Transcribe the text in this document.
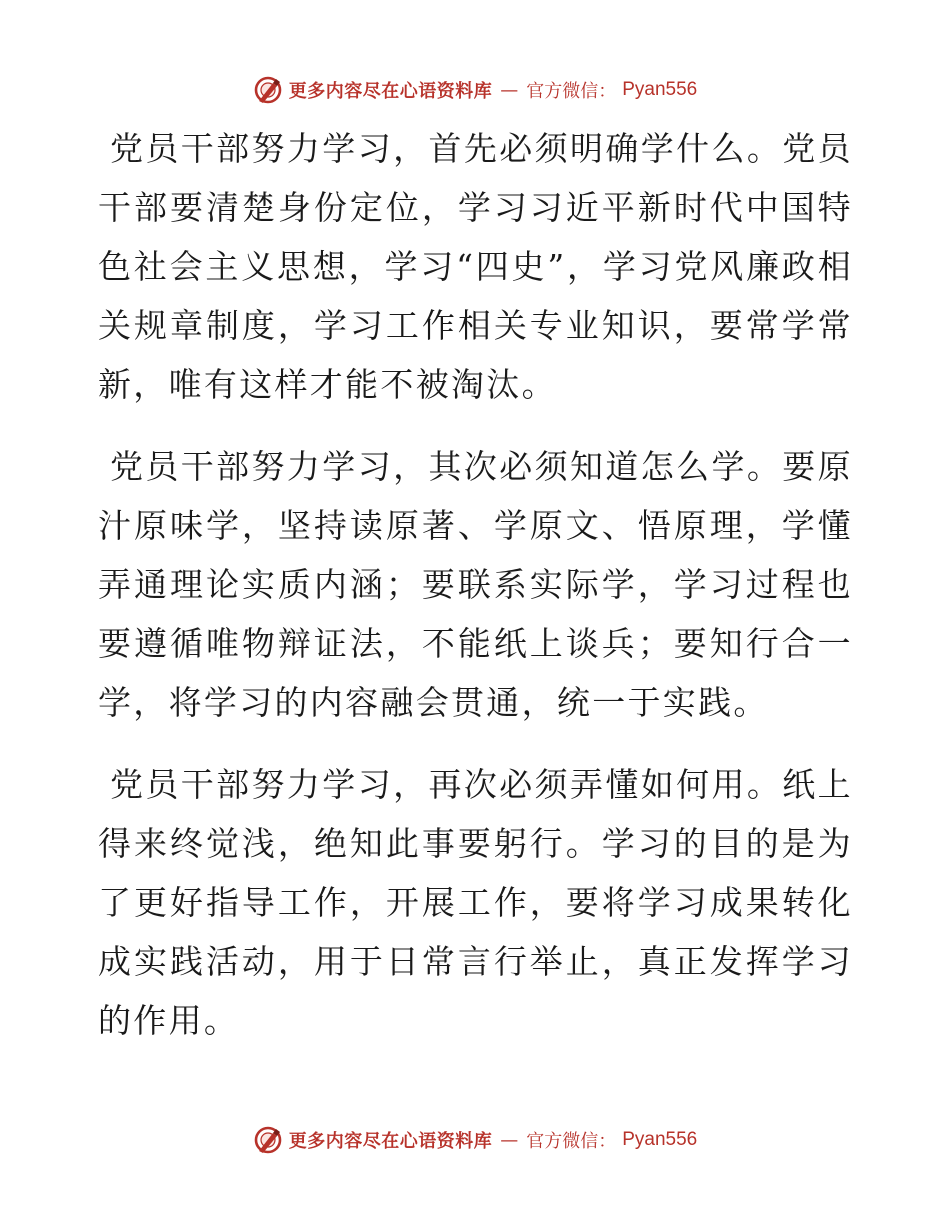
更多内容尽在心语资料库 — 官方微信： Pyan556

党员干部努力学习，首先必须明确学什么。党员干部要清楚身份定位，学习习近平新时代中国特色社会主义思想，学习“四史”，学习党风廉政相关规章制度，学习工作相关专业知识，要常学常新，唯有这样才能不被淘汰。

党员干部努力学习，其次必须知道怎么学。要原汁原味学，坚持读原著、学原文、悟原理，学懂弄通理论实质内涵；要联系实际学，学习过程也要遵循唯物辩证法，不能纸上谈兵；要知行合一学，将学习的内容融会贯通，统一于实践。

党员干部努力学习，再次必须弄懂如何用。纸上得来终觉浅，绝知此事要躬行。学习的目的是为了更好指导工作，开展工作，要将学习成果转化成实践活动，用于日常言行举止，真正发挥学习的作用。

更多内容尽在心语资料库 — 官方微信： Pyan556
